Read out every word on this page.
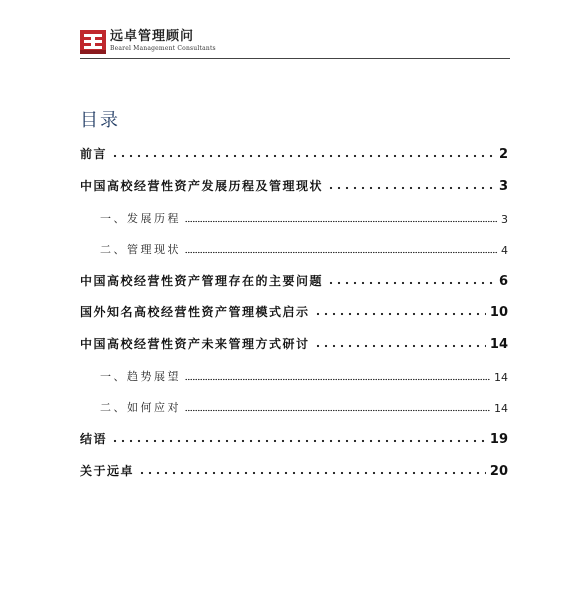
远卓管理顾问
Bearel Management Consultants
目录
前言	2
中国高校经营性资产发展历程及管理现状	3
一、发展历程	3
二、管理现状	4
中国高校经营性资产管理存在的主要问题	6
国外知名高校经营性资产管理模式启示	10
中国高校经营性资产未来管理方式研讨	14
一、趋势展望	14
二、如何应对	14
结语	19
关于远卓	20
